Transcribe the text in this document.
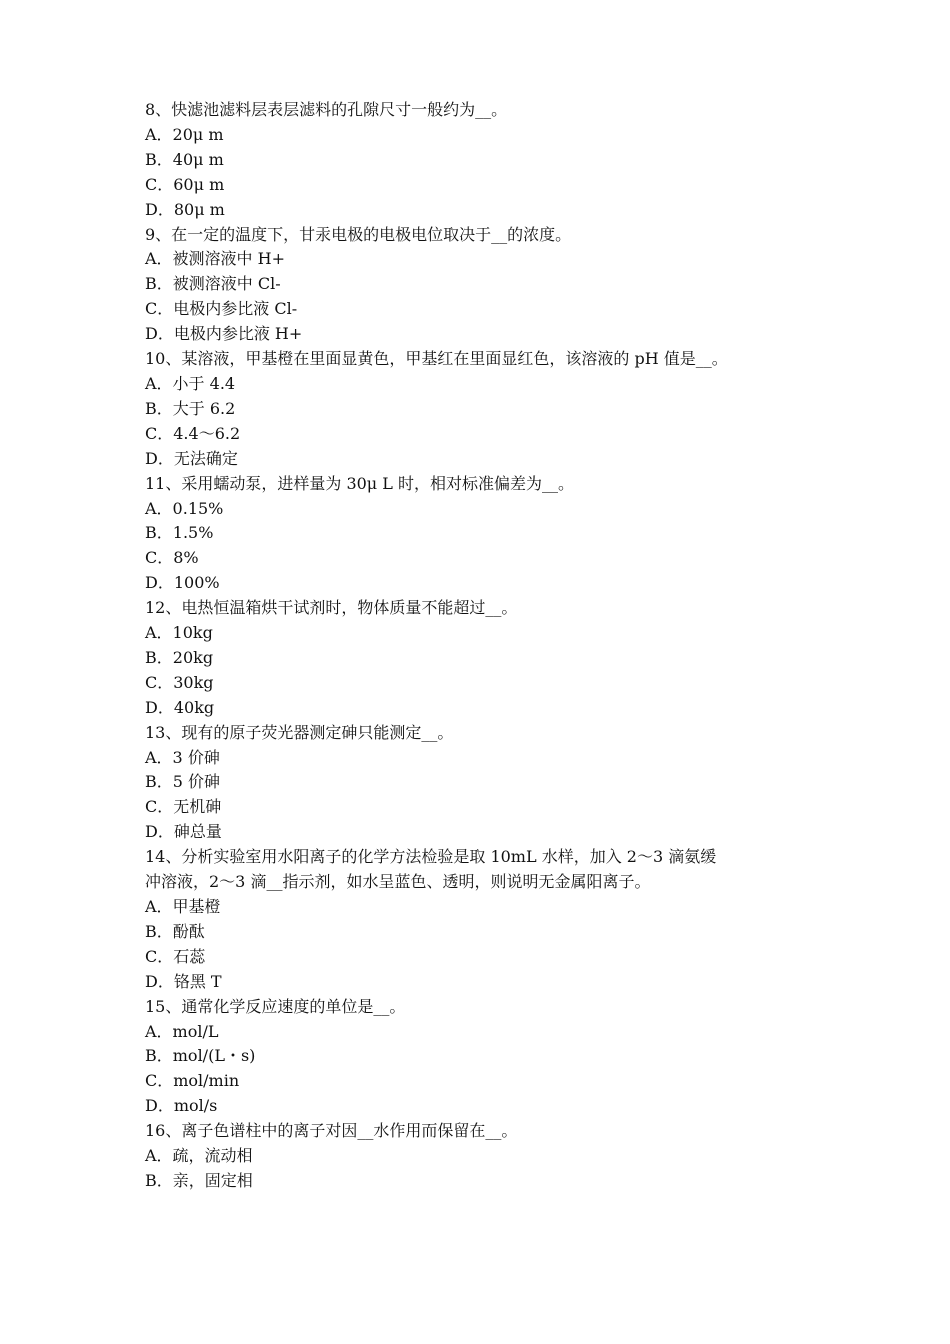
8、快滤池滤料层表层滤料的孔隙尺寸一般约为__。

A．20μ m

B．40μ m

C．60μ m

D．80μ m

9、在一定的温度下，甘汞电极的电极电位取决于__的浓度。

A．被测溶液中 H+

B．被测溶液中 Cl-

C．电极内参比液 Cl-

D．电极内参比液 H+

10、某溶液，甲基橙在里面显黄色，甲基红在里面显红色，该溶液的 pH 值是__。

A．小于 4.4

B．大于 6.2

C．4.4～6.2

D．无法确定

11、采用蠕动泵，进样量为 30μ L 时，相对标准偏差为__。

A．0.15%

B．1.5%

C．8%

D．100%

12、电热恒温箱烘干试剂时，物体质量不能超过__。

A．10kg

B．20kg

C．30kg

D．40kg

13、现有的原子荧光器测定砷只能测定__。

A．3 价砷

B．5 价砷

C．无机砷

D．砷总量

14、分析实验室用水阳离子的化学方法检验是取 10mL 水样，加入 2～3 滴氨缓

冲溶液，2～3 滴__指示剂，如水呈蓝色、透明，则说明无金属阳离子。

A．甲基橙

B．酚酞

C．石蕊

D．铬黑 T

15、通常化学反应速度的单位是__。

A．mol/L

B．mol/(L・s)

C．mol/min

D．mol/s

16、离子色谱柱中的离子对因__水作用而保留在__。

A．疏，流动相

B．亲，固定相
